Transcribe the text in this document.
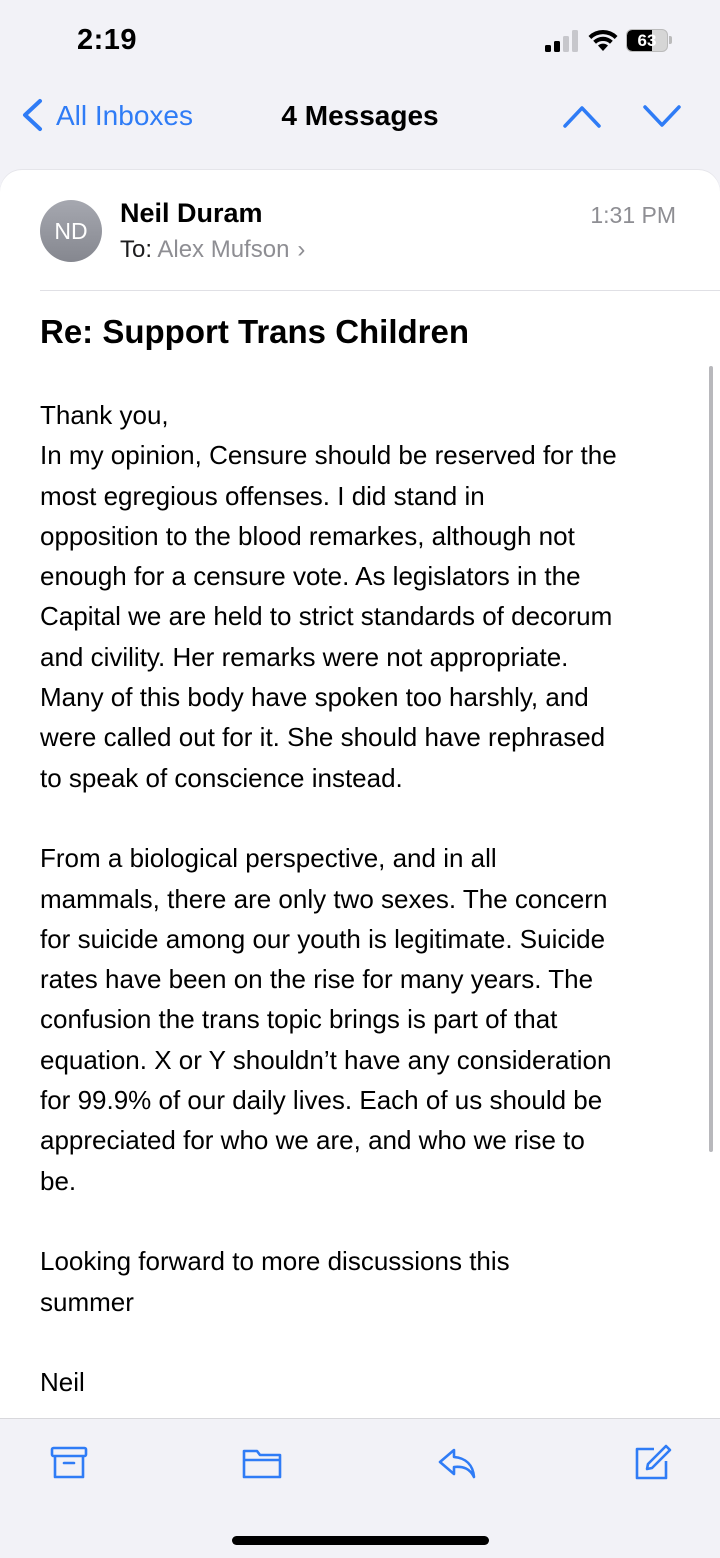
2:19	63
All Inboxes	4 Messages
ND
Neil Duram
To: Alex Mufson ›
1:31 PM
Re: Support Trans Children

Thank you,

In my opinion, Censure should be reserved for the

most egregious offenses. I did stand in

opposition to the blood remarkes, although not

enough for a censure vote. As legislators in the

Capital we are held to strict standards of decorum

and civility. Her remarks were not appropriate.

Many of this body have spoken too harshly, and

were called out for it. She should have rephrased

to speak of conscience instead.

From a biological perspective, and in all

mammals, there are only two sexes. The concern

for suicide among our youth is legitimate. Suicide

rates have been on the rise for many years. The

confusion the trans topic brings is part of that

equation. X or Y shouldn’t have any consideration

for 99.9% of our daily lives. Each of us should be

appreciated for who we are, and who we rise to

be.

Looking forward to more discussions this

summer

Neil
